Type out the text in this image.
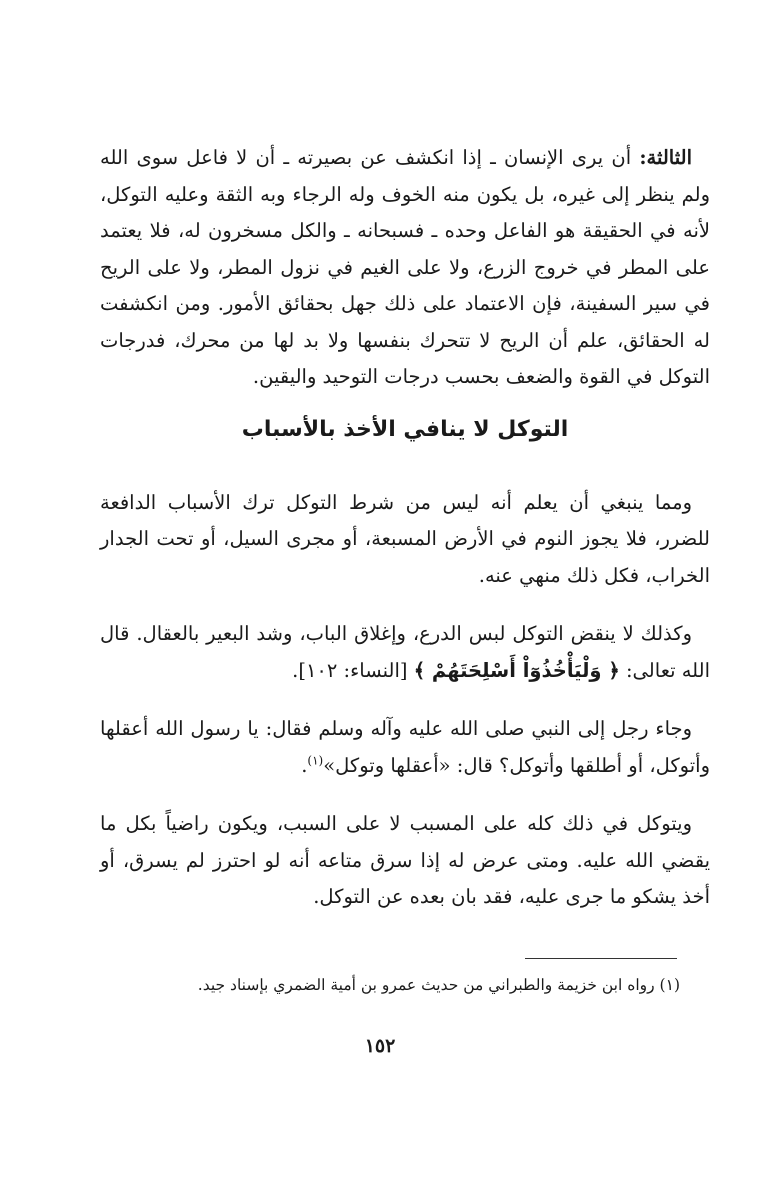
الثالثة: أن يرى الإنسان ـ إذا انكشف عن بصيرته ـ أن لا فاعل سوى الله ولم ينظر إلى غيره، بل يكون منه الخوف وله الرجاء وبه الثقة وعليه التوكل، لأنه في الحقيقة هو الفاعل وحده ـ فسبحانه ـ والكل مسخرون له، فلا يعتمد على المطر في خروج الزرع، ولا على الغيم في نزول المطر، ولا على الريح في سير السفينة، فإن الاعتماد على ذلك جهل بحقائق الأمور. ومن انكشفت له الحقائق، علم أن الريح لا تتحرك بنفسها ولا بد لها من محرك، فدرجات التوكل في القوة والضعف بحسب درجات التوحيد واليقين.

التوكل لا ينافي الأخذ بالأسباب

ومما ينبغي أن يعلم أنه ليس من شرط التوكل ترك الأسباب الدافعة للضرر، فلا يجوز النوم في الأرض المسبعة، أو مجرى السيل، أو تحت الجدار الخراب، فكل ذلك منهي عنه.

وكذلك لا ينقض التوكل لبس الدرع، وإغلاق الباب، وشد البعير بالعقال. قال الله تعالى: ﴿ وَلْيَأْخُذُوٓاْ أَسْلِحَتَهُمْ ﴾ [النساء: ١٠٢].

وجاء رجل إلى النبي صلى الله عليه وآله وسلم فقال: يا رسول الله أعقلها وأتوكل، أو أطلقها وأتوكل؟ قال: «أعقلها وتوكل»$^{(١)}$.

ويتوكل في ذلك كله على المسبب لا على السبب، ويكون راضياً بكل ما يقضي الله عليه. ومتى عرض له إذا سرق متاعه أنه لو احترز لم يسرق، أو أخذ يشكو ما جرى عليه، فقد بان بعده عن التوكل.

(١) رواه ابن خزيمة والطبراني من حديث عمرو بن أمية الضمري بإسناد جيد.
١٥٢
